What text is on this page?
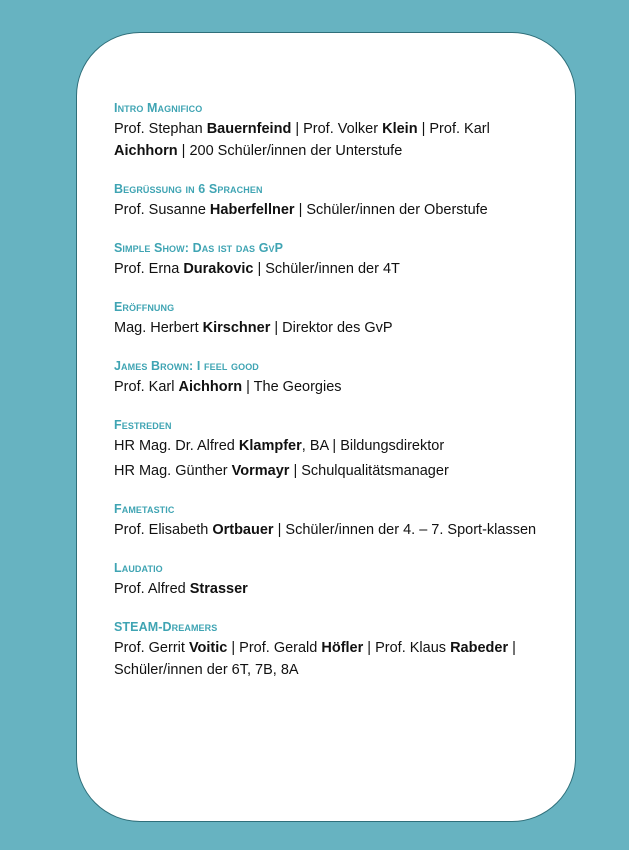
Intro Magnifico
Prof. Stephan Bauernfeind | Prof. Volker Klein | Prof. Karl Aichhorn | 200 Schüler/innen der Unterstufe
Begrüßung in 6 Sprachen
Prof. Susanne Haberfellner | Schüler/innen der Oberstufe
Simple Show: Das ist das GvP
Prof. Erna Durakovic | Schüler/innen der 4T
Eröffnung
Mag. Herbert Kirschner | Direktor des GvP
James Brown: I feel good
Prof. Karl Aichhorn | The Georgies
Festreden
HR Mag. Dr. Alfred Klampfer, BA | Bildungsdirektor
HR Mag. Günther Vormayr | Schulqualitätsmanager
Fametastic
Prof. Elisabeth Ortbauer | Schüler/innen der 4. – 7. Sport-klassen
Laudatio
Prof. Alfred Strasser
STEAM-Dreamers
Prof. Gerrit Voitic | Prof. Gerald Höfler | Prof. Klaus Rabeder | Schüler/innen der 6T, 7B, 8A
